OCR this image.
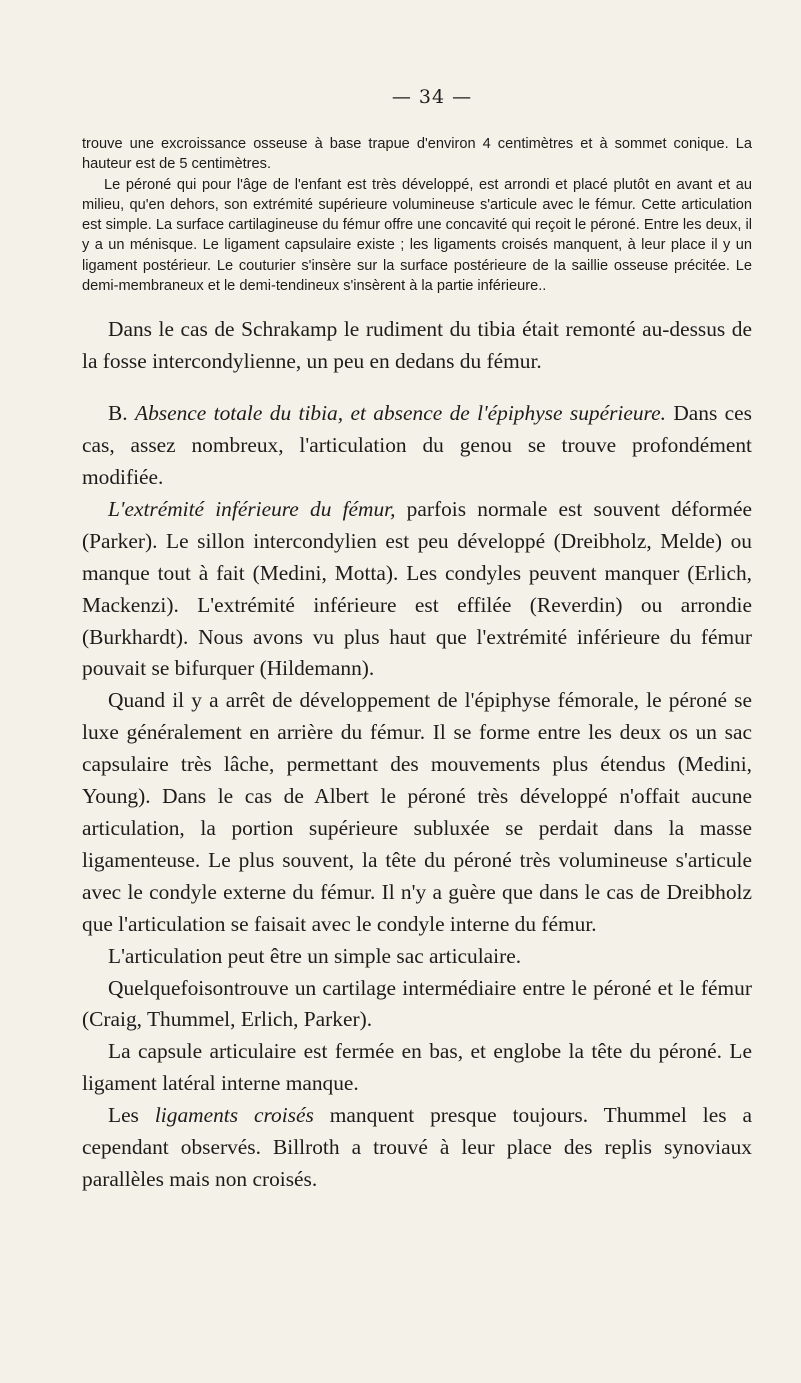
— 34 —

trouve une excroissance osseuse à base trapue d'environ 4 centimètres et à sommet conique. La hauteur est de 5 centimètres.

Le péroné qui pour l'âge de l'enfant est très développé, est arrondi et placé plutôt en avant et au milieu, qu'en dehors, son extrémité supérieure volumineuse s'articule avec le fémur. Cette articulation est simple. La surface cartilagineuse du fémur offre une concavité qui reçoit le péroné. Entre les deux, il y a un ménisque. Le ligament capsulaire existe ; les ligaments croisés manquent, à leur place il y un ligament postérieur. Le couturier s'insère sur la surface postérieure de la saillie osseuse précitée. Le demi-membraneux et le demi-tendineux s'insèrent à la partie inférieure..

Dans le cas de Schrakamp le rudiment du tibia était remonté au-dessus de la fosse intercondylienne, un peu en dedans du fémur.

B. Absence totale du tibia, et absence de l'épiphyse supérieure. Dans ces cas, assez nombreux, l'articulation du genou se trouve profondément modifiée.

L'extrémité inférieure du fémur, parfois normale est souvent déformée (Parker). Le sillon intercondylien est peu développé (Dreibholz, Melde) ou manque tout à fait (Medini, Motta). Les condyles peuvent manquer (Erlich, Mackenzi). L'extrémité inférieure est effilée (Reverdin) ou arrondie (Burkhardt). Nous avons vu plus haut que l'extrémité inférieure du fémur pouvait se bifurquer (Hildemann).

Quand il y a arrêt de développement de l'épiphyse fémorale, le péroné se luxe généralement en arrière du fémur. Il se forme entre les deux os un sac capsulaire très lâche, permettant des mouvements plus étendus (Medini, Young). Dans le cas de Albert le péroné très développé n'offait aucune articulation, la portion supérieure subluxée se perdait dans la masse ligamenteuse. Le plus souvent, la tête du péroné très volumineuse s'articule avec le condyle externe du fémur. Il n'y a guère que dans le cas de Dreibholz que l'articulation se faisait avec le condyle interne du fémur.

L'articulation peut être un simple sac articulaire.

Quelquefoisontrouve un cartilage intermédiaire entre le péroné et le fémur (Craig, Thummel, Erlich, Parker).

La capsule articulaire est fermée en bas, et englobe la tête du péroné. Le ligament latéral interne manque.

Les ligaments croisés manquent presque toujours. Thummel les a cependant observés. Billroth a trouvé à leur place des replis synoviaux parallèles mais non croisés.
